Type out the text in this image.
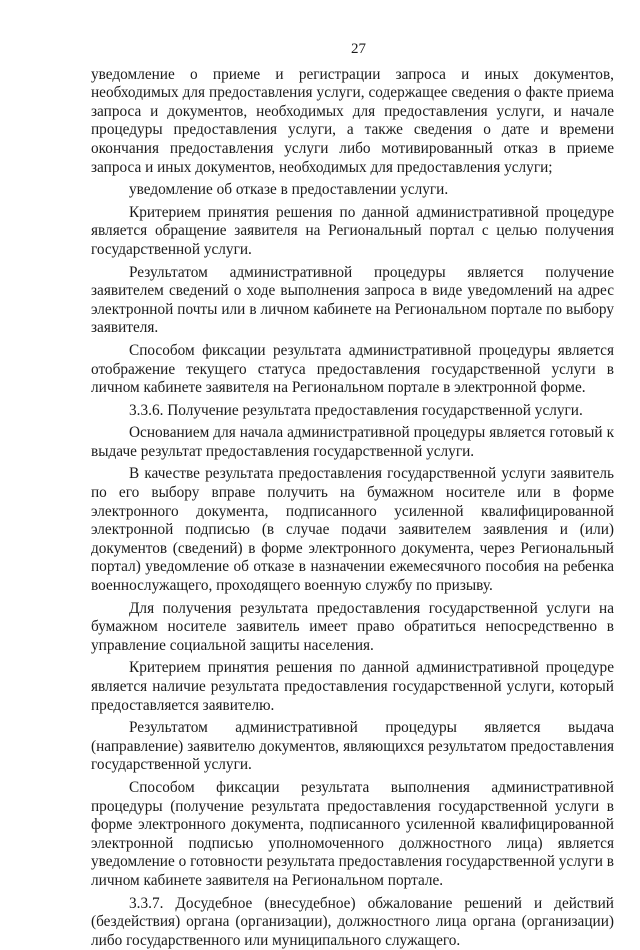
27

уведомление о приеме и регистрации запроса и иных документов, необходимых для предоставления услуги, содержащее сведения о факте приема запроса и документов, необходимых для предоставления услуги, и начале процедуры предоставления услуги, а также сведения о дате и времени окончания предоставления услуги либо мотивированный отказ в приеме запроса и иных документов, необходимых для предоставления услуги;

уведомление об отказе в предоставлении услуги.

Критерием принятия решения по данной административной процедуре является обращение заявителя на Региональный портал с целью получения государственной услуги.

Результатом административной процедуры является получение заявителем сведений о ходе выполнения запроса в виде уведомлений на адрес электронной почты или в личном кабинете на Региональном портале по выбору заявителя.

Способом фиксации результата административной процедуры является отображение текущего статуса предоставления государственной услуги в личном кабинете заявителя на Региональном портале в электронной форме.

3.3.6. Получение результата предоставления государственной услуги.

Основанием для начала административной процедуры является готовый к выдаче результат предоставления государственной услуги.

В качестве результата предоставления государственной услуги заявитель по его выбору вправе получить на бумажном носителе или в форме электронного документа, подписанного усиленной квалифицированной электронной подписью (в случае подачи заявителем заявления и (или) документов (сведений) в форме электронного документа, через Региональный портал) уведомление об отказе в назначении ежемесячного пособия на ребенка военнослужащего, проходящего военную службу по призыву.

Для получения результата предоставления государственной услуги на бумажном носителе заявитель имеет право обратиться непосредственно в управление социальной защиты населения.

Критерием принятия решения по данной административной процедуре является наличие результата предоставления государственной услуги, который предоставляется заявителю.

Результатом административной процедуры является выдача (направление) заявителю документов, являющихся результатом предоставления государственной услуги.

Способом фиксации результата выполнения административной процедуры (получение результата предоставления государственной услуги в форме электронного документа, подписанного усиленной квалифицированной электронной подписью уполномоченного должностного лица) является уведомление о готовности результата предоставления государственной услуги в личном кабинете заявителя на Региональном портале.

3.3.7. Досудебное (внесудебное) обжалование решений и действий (бездействия) органа (организации), должностного лица органа (организации) либо государственного или муниципального служащего.
